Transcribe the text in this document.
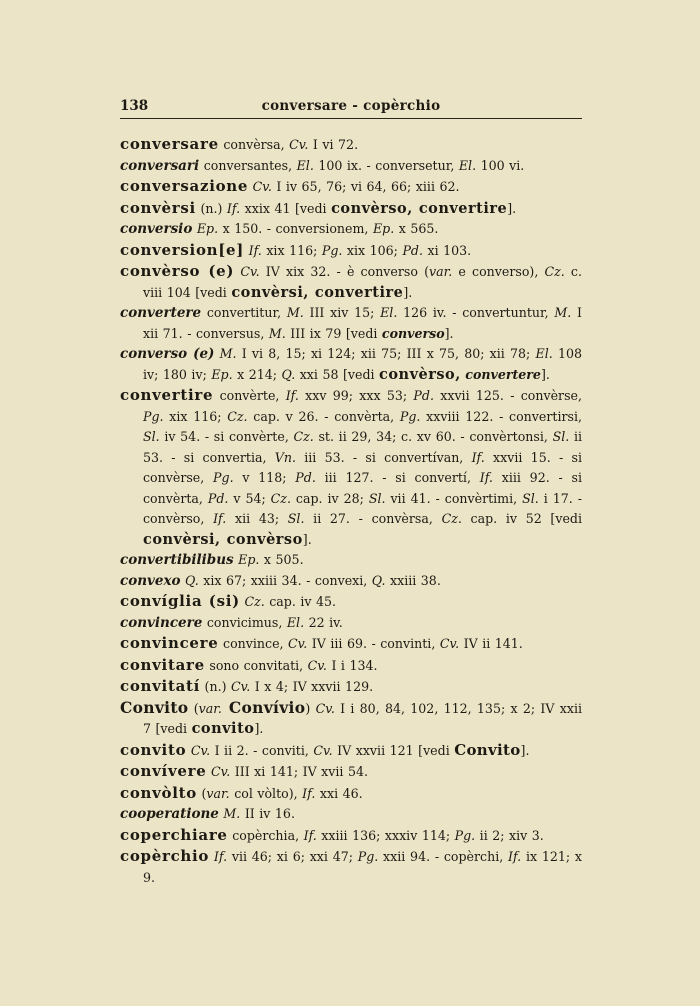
138	conversare - copèrchio
conversare convèrsa, Cv. I vi 72.
conversari conversantes, El. 100 ix. - conversetur, El. 100 vi.
conversazione Cv. I iv 65, 76; vi 64, 66; xiii 62.
convèrsi (n.) If. xxix 41 [vedi convèrso, convertire].
conversio Ep. x 150. - conversionem, Ep. x 565.
conversion[e] If. xix 116; Pg. xix 106; Pd. xi 103.
convèrso (e) Cv. IV xix 32. - è converso (var. e converso), Cz. c. viii 104 [vedi convèrsi, convertire].
convertere convertitur, M. III xiv 15; El. 126 iv. - convertuntur, M. I xii 71. - conversus, M. III ix 79 [vedi converso].
converso (e) M. I vi 8, 15; xi 124; xii 75; III x 75, 80; xii 78; El. 108 iv; 180 iv; Ep. x 214; Q. xxi 58 [vedi convèrso, convertere].
convertire convèrte, If. xxv 99; xxx 53; Pd. xxvii 125. - convèrse, Pg. xix 116; Cz. cap. v 26. - convèrta, Pg. xxviii 122. - convertirsi, Sl. iv 54. - si convèrte, Cz. st. ii 29, 34; c. xv 60. - convèrtonsi, Sl. ii 53. - si convertia, Vn. iii 53. - si convertívan, If. xxvii 15. - si convèrse, Pg. v 118; Pd. iii 127. - si convertí, If. xiii 92. - si convèrta, Pd. v 54; Cz. cap. iv 28; Sl. vii 41. - convèrtimi, Sl. i 17. - convèrso, If. xii 43; Sl. ii 27. - convèrsa, Cz. cap. iv 52 [vedi convèrsi, convèrso].
convertibilibus Ep. x 505.
convexo Q. xix 67; xxiii 34. - convexi, Q. xxiii 38.
convíglia (si) Cz. cap. iv 45.
convincere convicimus, El. 22 iv.
convincere convince, Cv. IV iii 69. - convinti, Cv. IV ii 141.
convitare sono convitati, Cv. I i 134.
convitatí (n.) Cv. I x 4; IV xxvii 129.
Convito (var. Convívio) Cv. I i 80, 84, 102, 112, 135; x 2; IV xxii 7 [vedi convito].
convito Cv. I ii 2. - conviti, Cv. IV xxvii 121 [vedi Convito].
convívere Cv. III xi 141; IV xvii 54.
convòlto (var. col vòlto), If. xxi 46.
cooperatione M. II iv 16.
coperchiare copèrchia, If. xxiii 136; xxxiv 114; Pg. ii 2; xiv 3.
copèrchio If. vii 46; xi 6; xxi 47; Pg. xxii 94. - copèrchi, If. ix 121; x 9.
